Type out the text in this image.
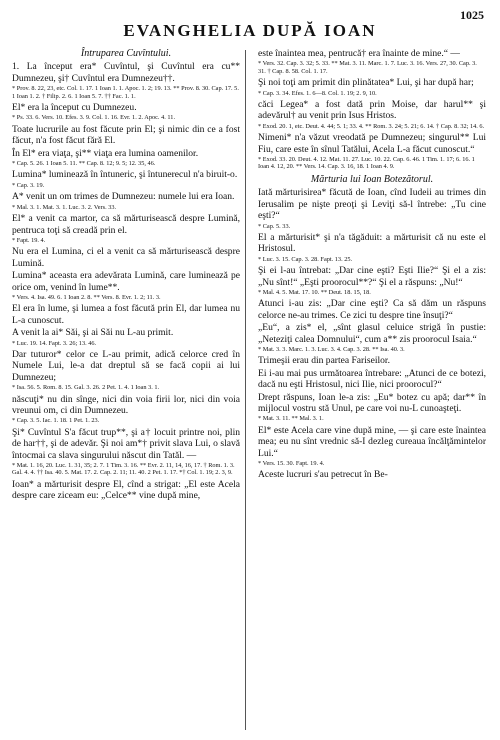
1025
EVANGHELIA DUPĂ IOAN
Întruparea Cuvîntului.

1. La început era* Cuvîntul, şi Cuvîntul era cu** Dumnezeu, şi† Cuvîntul era Dumnezeu††.

* Prov. 8. 22, 23, etc. Col. 1. 17. 1 Ioan 1. 1. Apoc. 1. 2; 19. 13. ** Prov. 8. 30. Cap. 17. 5. 1 Ioan 1. 2. † Filip. 2. 6. 1 Ioan 5. 7. †† Fac. 1. 1.

El* era la început cu Dumnezeu.

* Ps. 33. 6. Vers. 10. Efes. 3. 9. Col. 1. 16. Evr. 1. 2. Apoc. 4. 11.

Toate lucrurile au fost făcute prin El; şi nimic din ce a fost făcut, n'a fost făcut fără El.

În El* era viaţa, şi** viaţa era lumina oamenilor.

* Cap. 5. 26. 1 Ioan 5. 11. ** Cap. 8. 12; 9. 5; 12. 35, 46.

Lumina* luminează în întuneric, şi întunerecul n'a biruit-o.

* Cap. 3. 19.

A* venit un om trimes de Dumnezeu: numele lui era Ioan.

* Mal. 3. 1. Mat. 3. 1. Luc. 3. 2. Vers. 33.

El* a venit ca martor, ca să mărturisească despre Lumină, pentruca toţi să creadă prin el.

* Fapt. 19. 4.

Nu era el Lumina, ci el a venit ca să mărturisească despre Lumină.

Lumina* aceasta era adevărata Lumină, care luminează pe orice om, venind în lume**.

* Vers. 4. Isa. 49. 6. 1 Ioan 2. 8. ** Vers. 8. Evr. 1. 2; 11. 3.

El era în lume, şi lumea a fost făcută prin El, dar lumea nu L-a cunoscut.

A venit la ai* Săi, şi ai Săi nu L-au primit.

* Luc. 19. 14. Fapt. 3. 26; 13. 46.

Dar tuturor* celor ce L-au primit, adică celorce cred în Numele Lui, le-a dat dreptul să se facă copii ai lui Dumnezeu;

* Isa. 56. 5. Rom. 8. 15. Gal. 3. 26. 2 Pet. 1. 4. 1 Ioan 3. 1.

născuţi* nu din sînge, nici din voia firii lor, nici din voia vreunui om, ci din Dumnezeu.

* Cap. 3. 5. Iac. 1. 18. 1 Pet. 1. 23.

Şi* Cuvîntul S'a făcut trup**, şi a† locuit printre noi, plin de har††, şi de adevăr. Şi noi am*† privit slava Lui, o slavă întocmai ca slava singurului născut din Tatăl. —

* Mat. 1. 16, 20. Luc. 1. 31, 35; 2. 7. 1 Tim. 3. 16. ** Evr. 2. 11, 14, 16, 17. † Rom. 1. 3. Gal. 4. 4. †† Isa. 40. 5. Mat. 17. 2. Cap. 2. 11; 11. 40. 2 Pet. 1. 17. *† Col. 1. 19; 2. 3, 9.

Ioan* a mărturisit despre El, cînd a strigat: „El este Acela despre care ziceam eu: „Celce** vine după mine,

este înaintea mea, pentrucă† era înainte de mine.“ —

* Vers. 32. Cap. 3. 32; 5. 33. ** Mat. 3. 11. Marc. 1. 7. Luc. 3. 16. Vers. 27, 30. Cap. 3. 31. † Cap. 8. 58. Col. 1. 17.

Şi noi toţi am primit din plinătatea* Lui, şi har după har;

* Cap. 3. 34. Efes. 1. 6—8. Col. 1. 19; 2. 9, 10.

căci Legea* a fost dată prin Moise, dar harul** şi adevărul† au venit prin Isus Hristos.

* Exod. 20. 1, etc. Deut. 4. 44; 5. 1; 33. 4. ** Rom. 3. 24; 5. 21; 6. 14. † Cap. 8. 32; 14. 6.

Nimeni* n'a văzut vreodată pe Dumnezeu; singurul** Lui Fiu, care este în sînul Tatălui, Acela L-a făcut cunoscut.“

* Exod. 33. 20. Deut. 4. 12. Mat. 11. 27. Luc. 10. 22. Cap. 6. 46. 1 Tim. 1. 17; 6. 16. 1 Ioan 4. 12, 20. ** Vers. 14. Cap. 3. 16, 18. 1 Ioan 4. 9.
Mărturia lui Ioan Botezătorul.

Iată mărturisirea* făcută de Ioan, cînd Iudeii au trimes din Ierusalim pe nişte preoţi şi Leviţi să-l întrebe: „Tu cine eşti?“

* Cap. 5. 33.

El a mărturisit* şi n'a tăgăduit: a mărturisit că nu este el Hristosul.

* Luc. 3. 15. Cap. 3. 28. Fapt. 13. 25.

Şi ei l-au întrebat: „Dar cine eşti? Eşti Ilie?“ Şi el a zis: „Nu sînt!“ „Eşti proorocul**?“ Şi el a răspuns: „Nu!“

* Mal. 4. 5. Mat. 17. 10. ** Deut. 18. 15, 18.

Atunci i-au zis: „Dar cine eşti? Ca să dăm un răspuns celorce ne-au trimes. Ce zici tu despre tine însuţi?“

„Eu“, a zis* el, „sînt glasul celuice strigă în pustie: „Neteziţi calea Domnului“, cum a** zis proorocul Isaia.“

* Mat. 3. 3. Marc. 1. 3. Luc. 3. 4. Cap. 3. 28. ** Isa. 40. 3.

Trimeşii erau din partea Fariseilor.

Ei i-au mai pus următoarea întrebare: „Atunci de ce botezi, dacă nu eşti Hristosul, nici Ilie, nici proorocul?“

Drept răspuns, Ioan le-a zis: „Eu* botez cu apă; dar** în mijlocul vostru stă Unul, pe care voi nu-L cunoaşteţi.

* Mat. 3. 11. ** Mal. 3. 1.

El* este Acela care vine după mine, — şi care este înaintea mea; eu nu sînt vrednic să-I dezleg cureaua încălţămintelor Lui.“

* Vers. 15. 30. Fapt. 19. 4.

Aceste lucruri s'au petrecut în Be-
